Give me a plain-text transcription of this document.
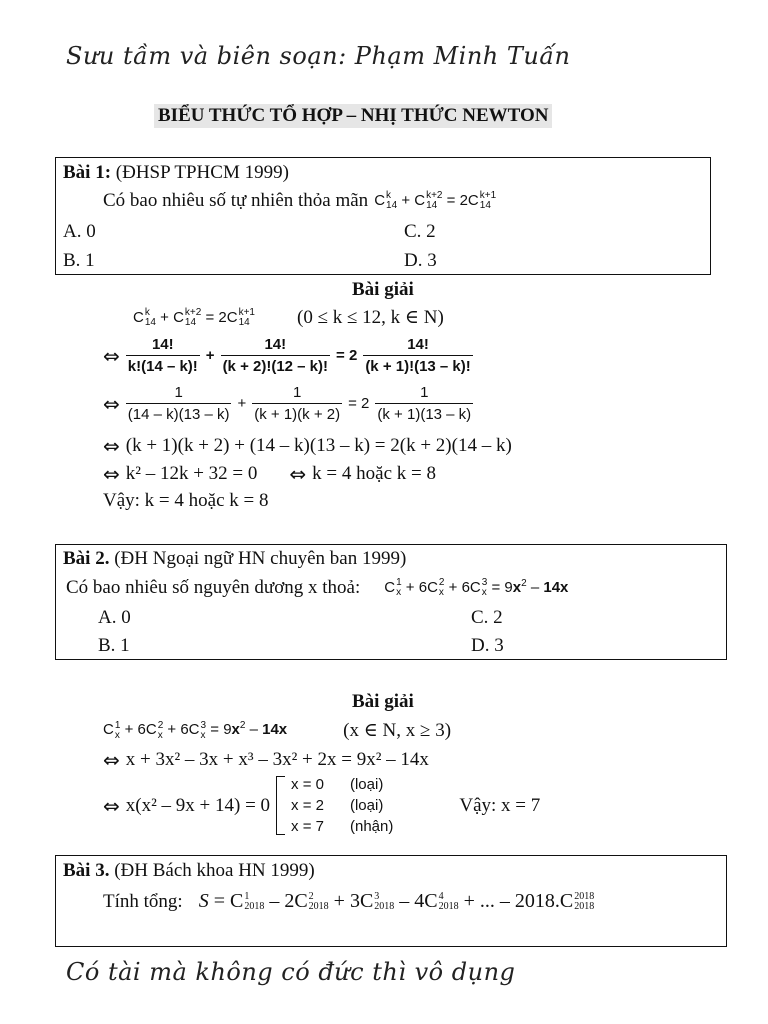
Sưu tầm và biên soạn: Phạm Minh Tuấn
BIỂU THỨC TỔ HỢP – NHỊ THỨC NEWTON
Bài 1: (ĐHSP TPHCM 1999)
Có bao nhiêu số tự nhiên thỏa mãn C k
14 + C k+2
14 = 2C k+1
14
A. 0	C. 2
B. 1	D. 3
Bài giải
C k
14 + C k+2
14 = 2C k+1
14 (0 ≤ k ≤ 12, k ∈ N)
⇔ $\frac{14!}{k!(14 - k)!} + \frac{14!}{(k + 2)!(12 - k)!} = 2 \frac{14!}{(k + 1)!(13 - k)!}$
⇔ $\frac{1}{(14 - k)(13 - k)} + \frac{1}{(k + 1)(k + 2)} = 2 \frac{1}{(k + 1)(13 - k)}$
⇔ (k + 1)(k + 2) + (14 – k)(13 – k) = 2(k + 2)(14 – k)
⇔ k² – 12k + 32 = 0 ⇔ k = 4 hoặc k = 8
Vậy: k = 4 hoặc k = 8
Bài 2. (ĐH Ngoại ngữ HN chuyên ban 1999)
Có bao nhiêu số nguyên dương x thoả: C 1
x + 6C 2
x + 6C 3
$x = 9x^2 - 14x$
A. 0	C. 2
B. 1	D. 3
Bài giải
C 1
x + 6C 2
x + 6C 3
$x = 9x^2 - 14x$	(x ∈ N, x ≥ 3)
⇔ x + 3x² – 3x + x³ – 3x² + 2x = 9x² – 14x
⇔ x(x² – 9x + 14) = 0
x = 0 (loại)
x = 2 (loại)
x = 7 (nhận)
Vậy: x = 7
Bài 3. (ĐH Bách khoa HN 1999)
Tính tổng: S = C 1
2018 – 2C 2
2018 + 3C 3
2018 – 4C 4
2018 + ... – 2018.C 2018
2018
Có tài mà không có đức thì vô dụng
